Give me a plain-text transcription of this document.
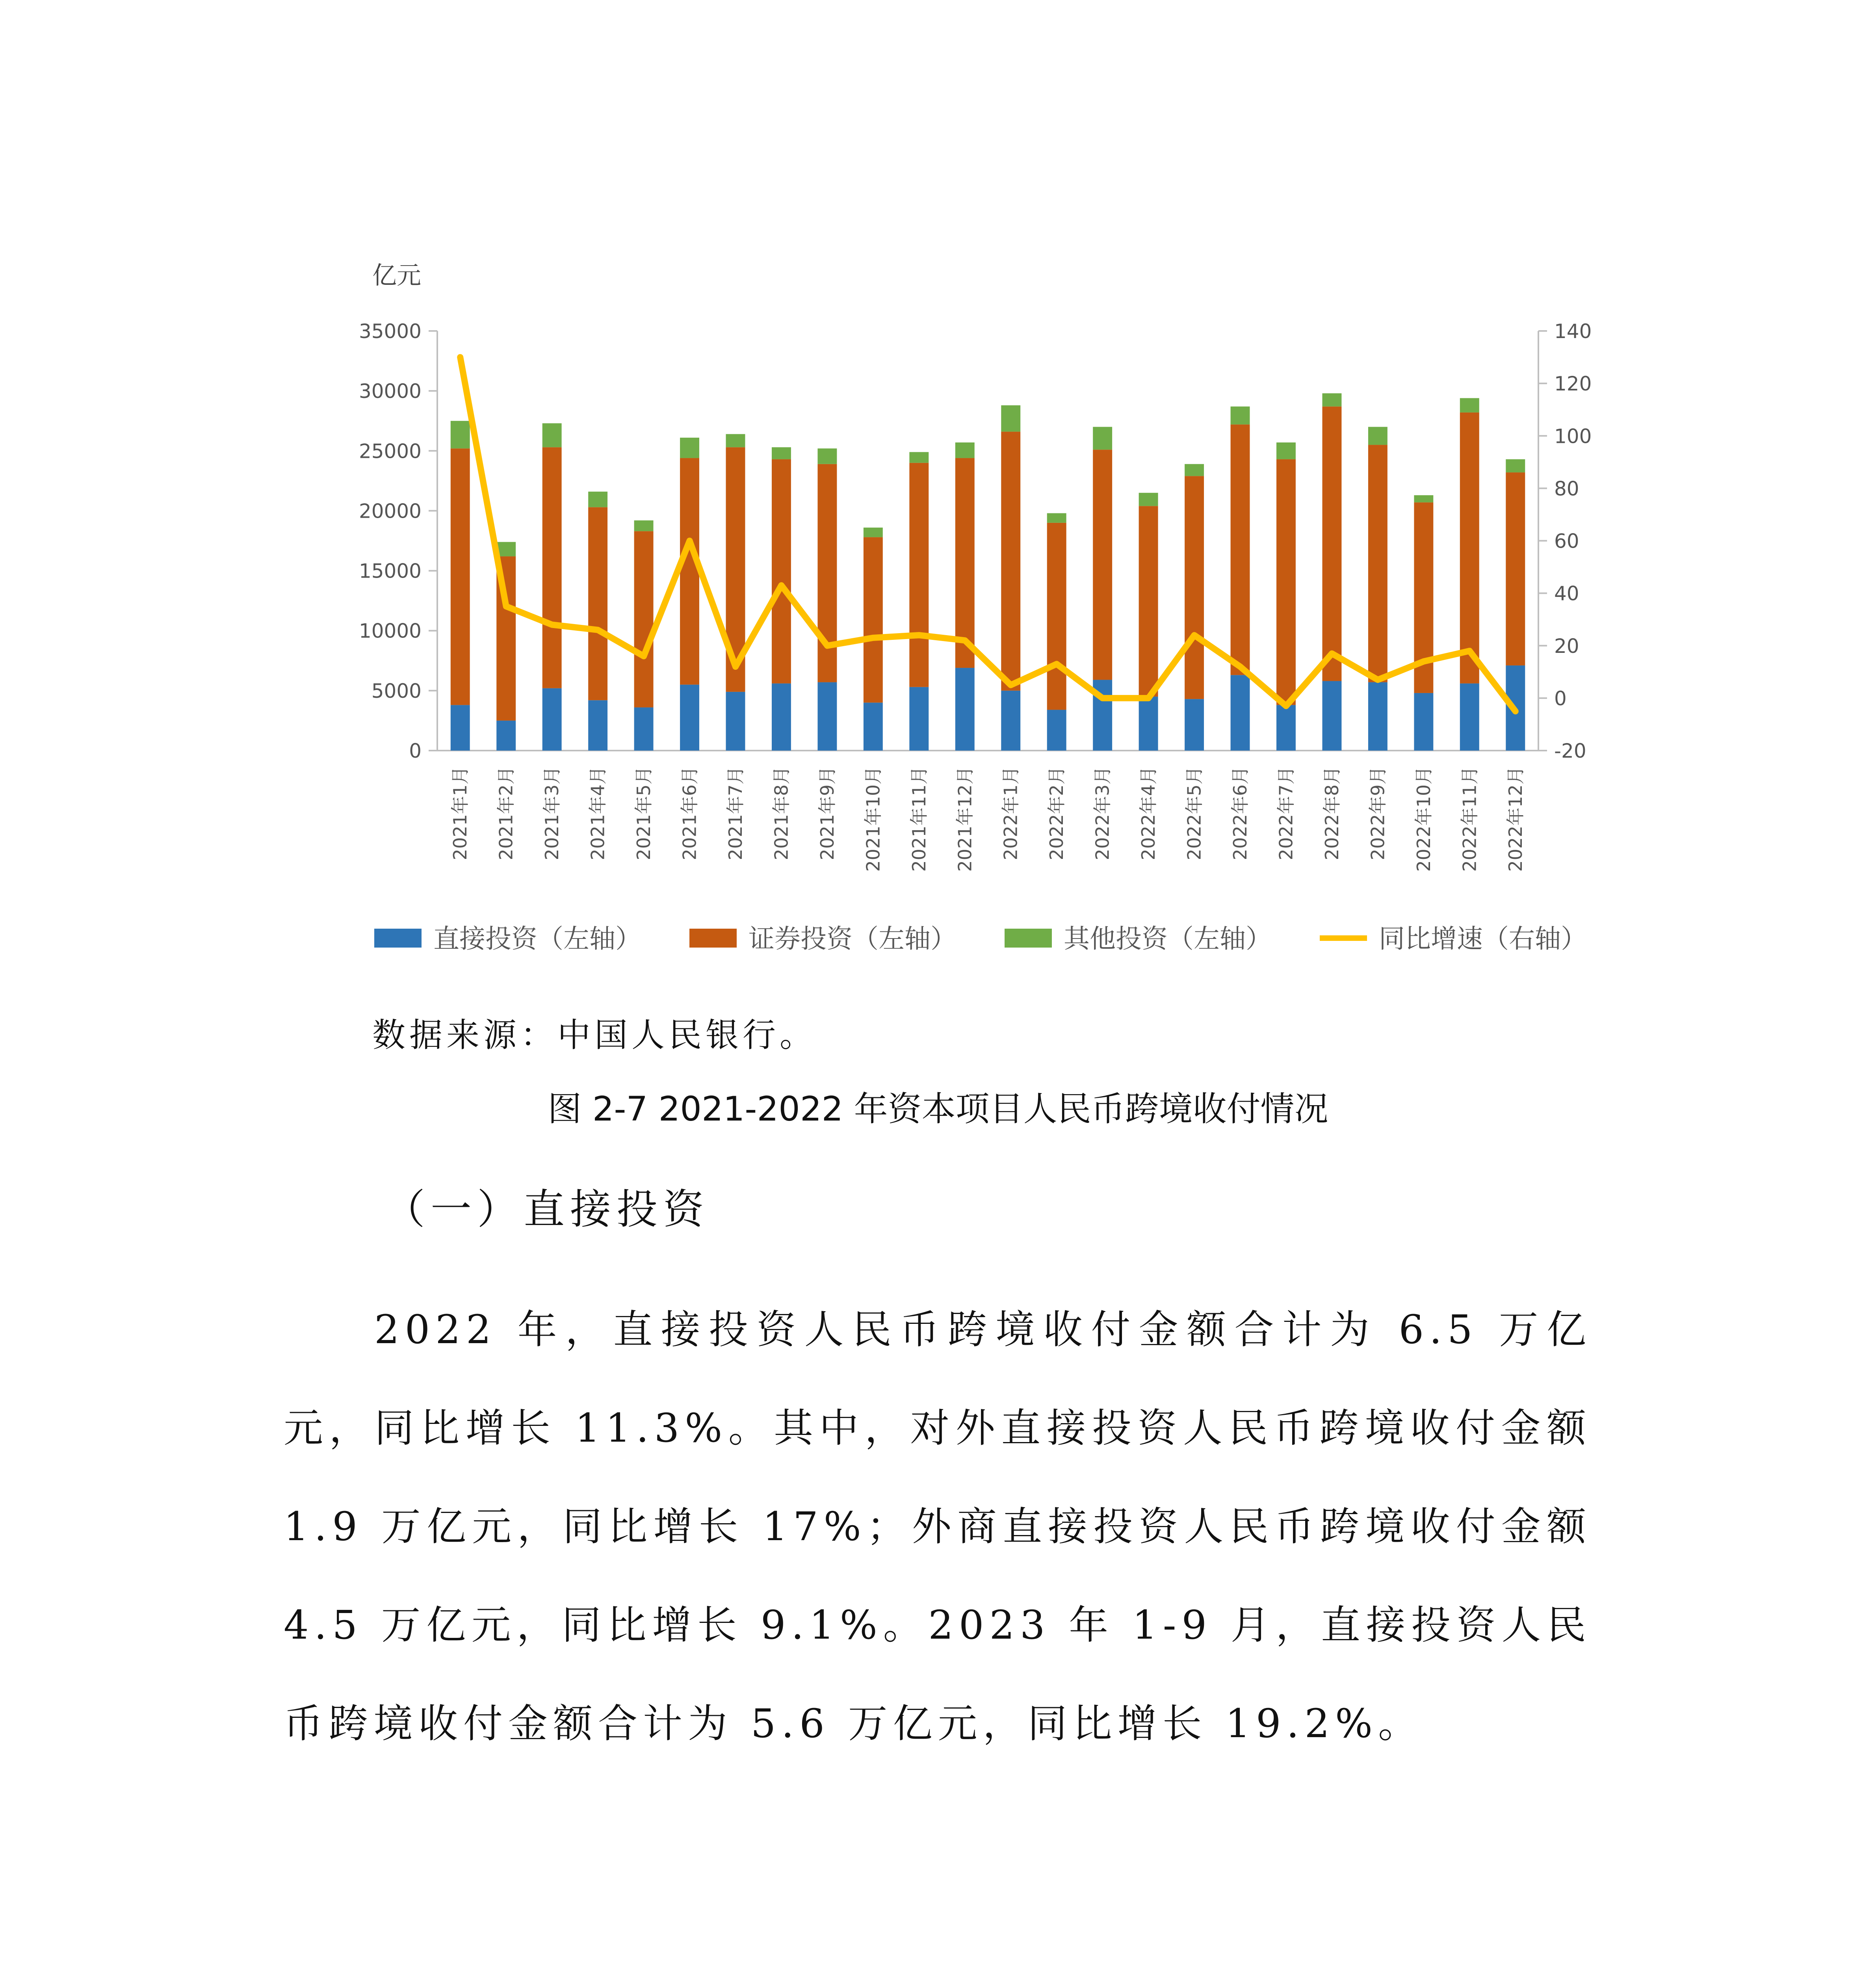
亿元
35000
30000
25000
20000
15000
10000
5000
0
140
120
100
80
60
40
20
0
-20
2021年1月 2021年2月 2021年3月 2021年4月 2021年5月 2021年6月 2021年7月 2021年8月 2021年9月 2021年10月 2021年11月 2021年12月 2022年1月 2022年2月 2022年3月 2022年4月 2022年5月 2022年6月 2022年7月 2022年8月 2022年9月 2022年10月 2022年11月 2022年12月
直接投资（左轴）	证券投资（左轴）	其他投资（左轴）	同比增速（右轴）
数据来源：中国人民银行。
图 2-7 2021-2022 年资本项目人民币跨境收付情况
（一）直接投资

2022 年，直接投资人民币跨境收付金额合计为 6.5 万亿元，同比增长 11.3%。其中，对外直接投资人民币跨境收付金额 1.9 万亿元，同比增长 17%；外商直接投资人民币跨境收付金额 4.5 万亿元，同比增长 9.1%。2023 年 1-9 月，直接投资人民币跨境收付金额合计为 5.6 万亿元，同比增长 19.2%。
